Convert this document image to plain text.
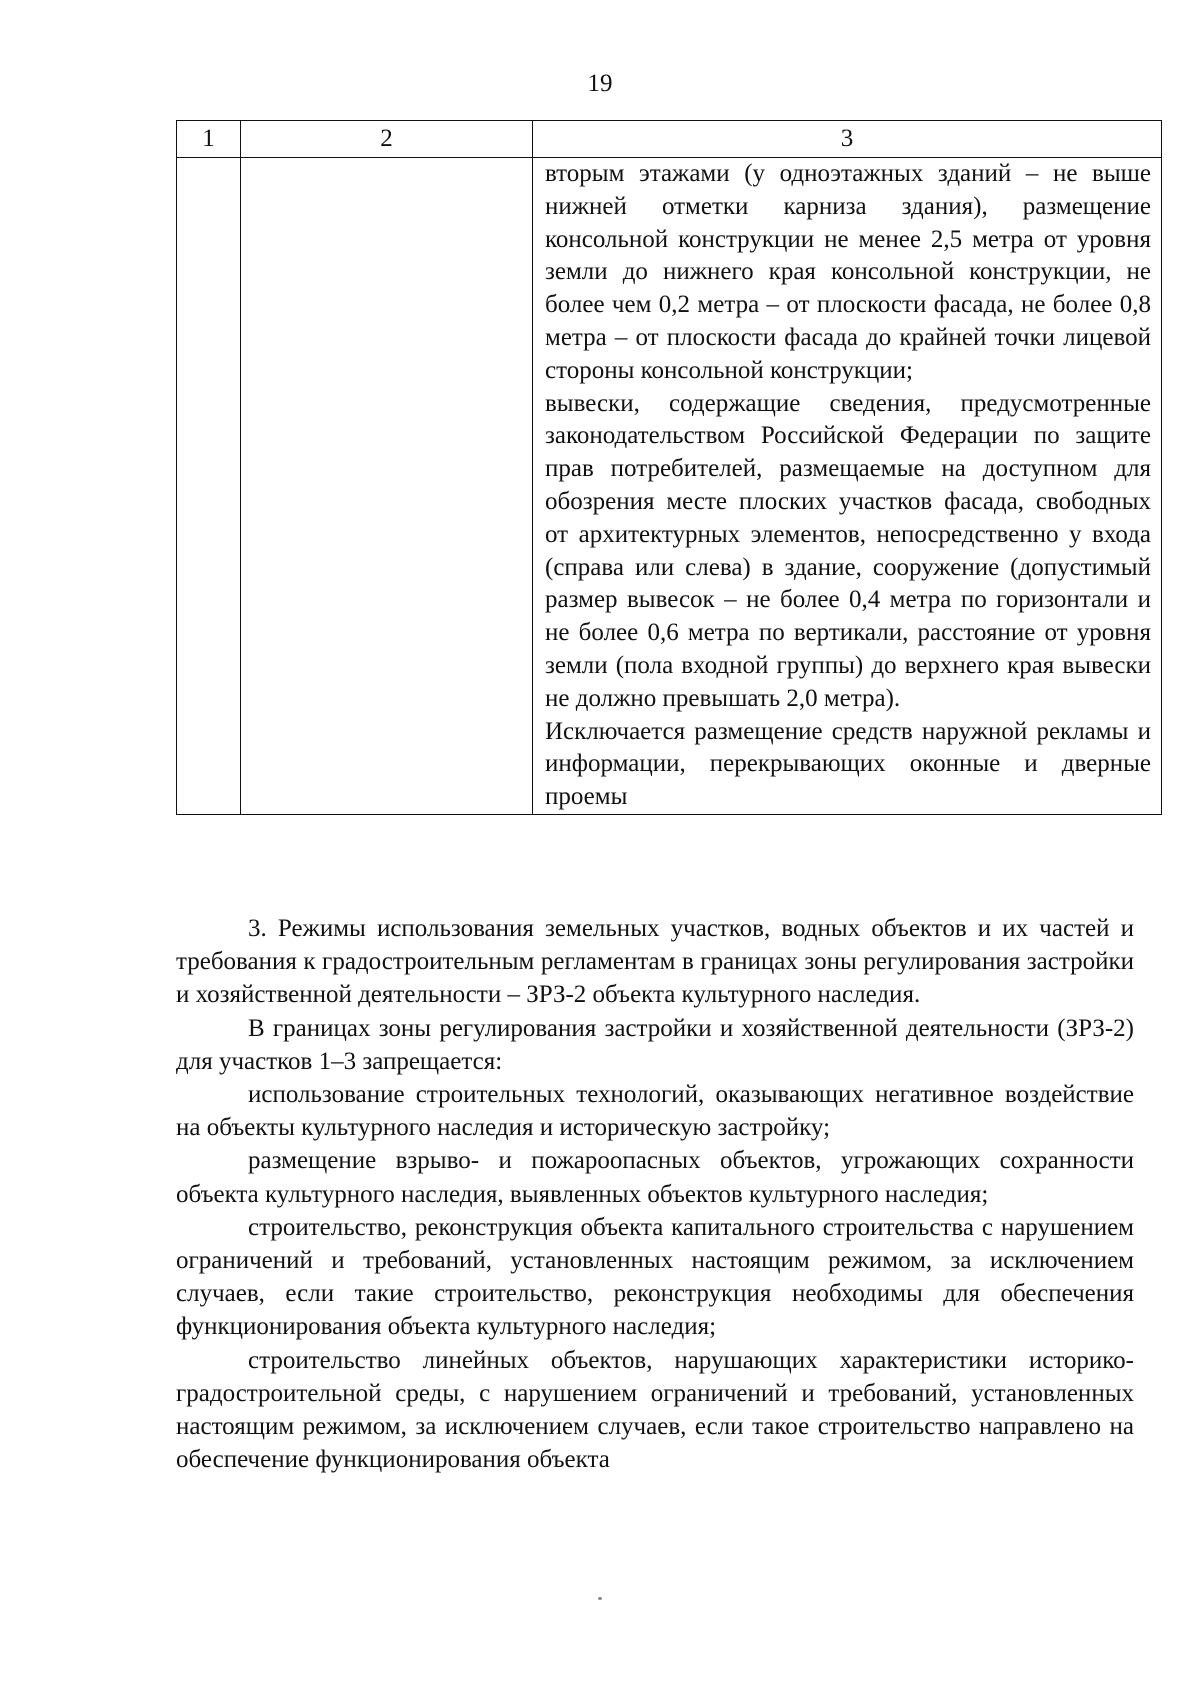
19
1	2	3

		вторым этажами (у одноэтажных зданий – не выше нижней отметки карниза здания), размещение консольной конструкции не менее 2,5 метра от уровня земли до нижнего края консольной конструкции, не более чем 0,2 метра – от плоскости фасада, не более 0,8 метра – от плоскости фасада до крайней точки лицевой стороны консольной конструкции;

вывески, содержащие сведения, предусмотренные законодательством Российской Федерации по защите прав потребителей, размещаемые на доступном для обозрения месте плоских участков фасада, свободных от архитектурных элементов, непосредственно у входа (справа или слева) в здание, сооружение (допустимый размер вывесок – не более 0,4 метра по горизонтали и не более 0,6 метра по вертикали, расстояние от уровня земли (пола входной группы) до верхнего края вывески не должно превышать 2,0 метра).

Исключается размещение средств наружной рекламы и информации, перекрывающих оконные и дверные проемы

3. Режимы использования земельных участков, водных объектов и их частей и требования к градостроительным регламентам в границах зоны регулирования застройки и хозяйственной деятельности – ЗРЗ-2 объекта культурного наследия.

В границах зоны регулирования застройки и хозяйственной деятельности (ЗРЗ-2) для участков 1–3 запрещается:

использование строительных технологий, оказывающих негативное воздействие на объекты культурного наследия и историческую застройку;

размещение взрыво- и пожароопасных объектов, угрожающих сохранности объекта культурного наследия, выявленных объектов культурного наследия;

строительство, реконструкция объекта капитального строительства с нарушением ограничений и требований, установленных настоящим режимом, за исключением случаев, если такие строительство, реконструкция необходимы для обеспечения функционирования объекта культурного наследия;

строительство линейных объектов, нарушающих характеристики историко-градостроительной среды, с нарушением ограничений и требований, установленных настоящим режимом, за исключением случаев, если такое строительство направлено на обеспечение функционирования объекта
